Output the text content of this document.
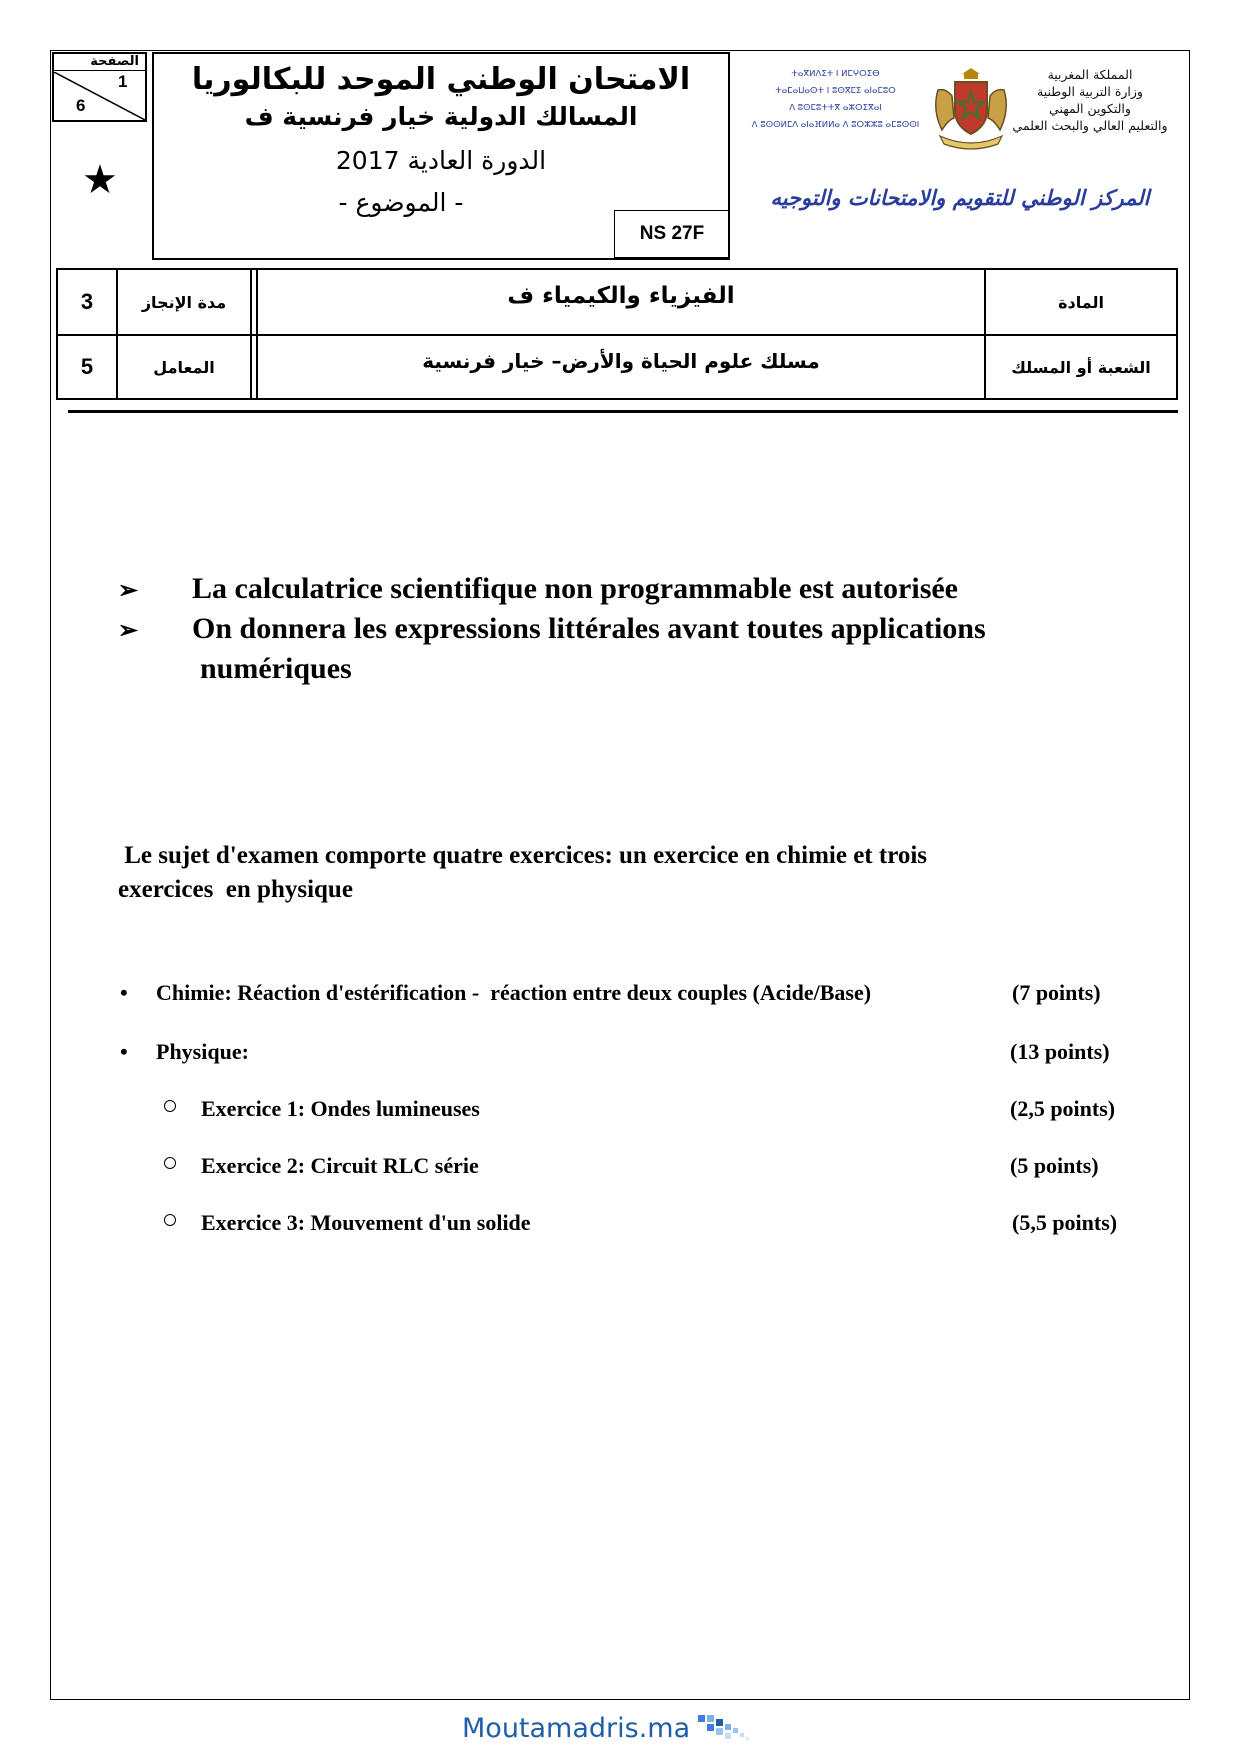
الصفحة
1
6
★
الامتحان الوطني الموحد للبكالوريا
المسالك الدولية خيار فرنسية ف
الدورة العادية 2017
- الموضوع -
NS 27F
ⵜⴰⴳⵍⴷⵉⵜ ⵏ ⵍⵎⵖⵔⵉⴱ
ⵜⴰⵎⴰⵡⴰⵙⵜ ⵏ ⵓⵙⴳⵎⵉ ⴰⵏⴰⵎⵓⵔ
ⴷ ⵓⵙⵎⵓⵜⵜⴳ ⴰⵣⵔⵉⴳⴰⵏ
ⴷ ⵓⵙⵙⵍⵎⴷ ⴰⵏⴰⴼⵍⵍⴰ ⴷ ⵓⵔⵣⵣⵓ ⴰⵎⵓⵙⵙⵏ
المملكة المغربية
وزارة التربية الوطنية
والتكوين المهني
والتعليم العالي والبحث العلمي
المركز الوطني للتقويم والامتحانات والتوجيه
3	مدة الإنجاز	الفيزياء والكيمياء ف	المادة
5	المعامل	مسلك علوم الحياة والأرض– خيار فرنسية	الشعبة أو المسلك
➢ La calculatrice scientifique non programmable est autorisée
➢ On donnera les expressions littérales avant toutes applications
numériques
Le sujet d'examen comporte quatre exercices: un exercice en chimie et trois
exercices  en physique
• Chimie: Réaction d'estérification -  réaction entre deux couples (Acide/Base)	(7 points)
• Physique:	(13 points)
Exercice 1: Ondes lumineuses	(2,5 points)
Exercice 2: Circuit RLC série	(5 points)
Exercice 3: Mouvement d'un solide	(5,5 points)
Moutamadris.ma
